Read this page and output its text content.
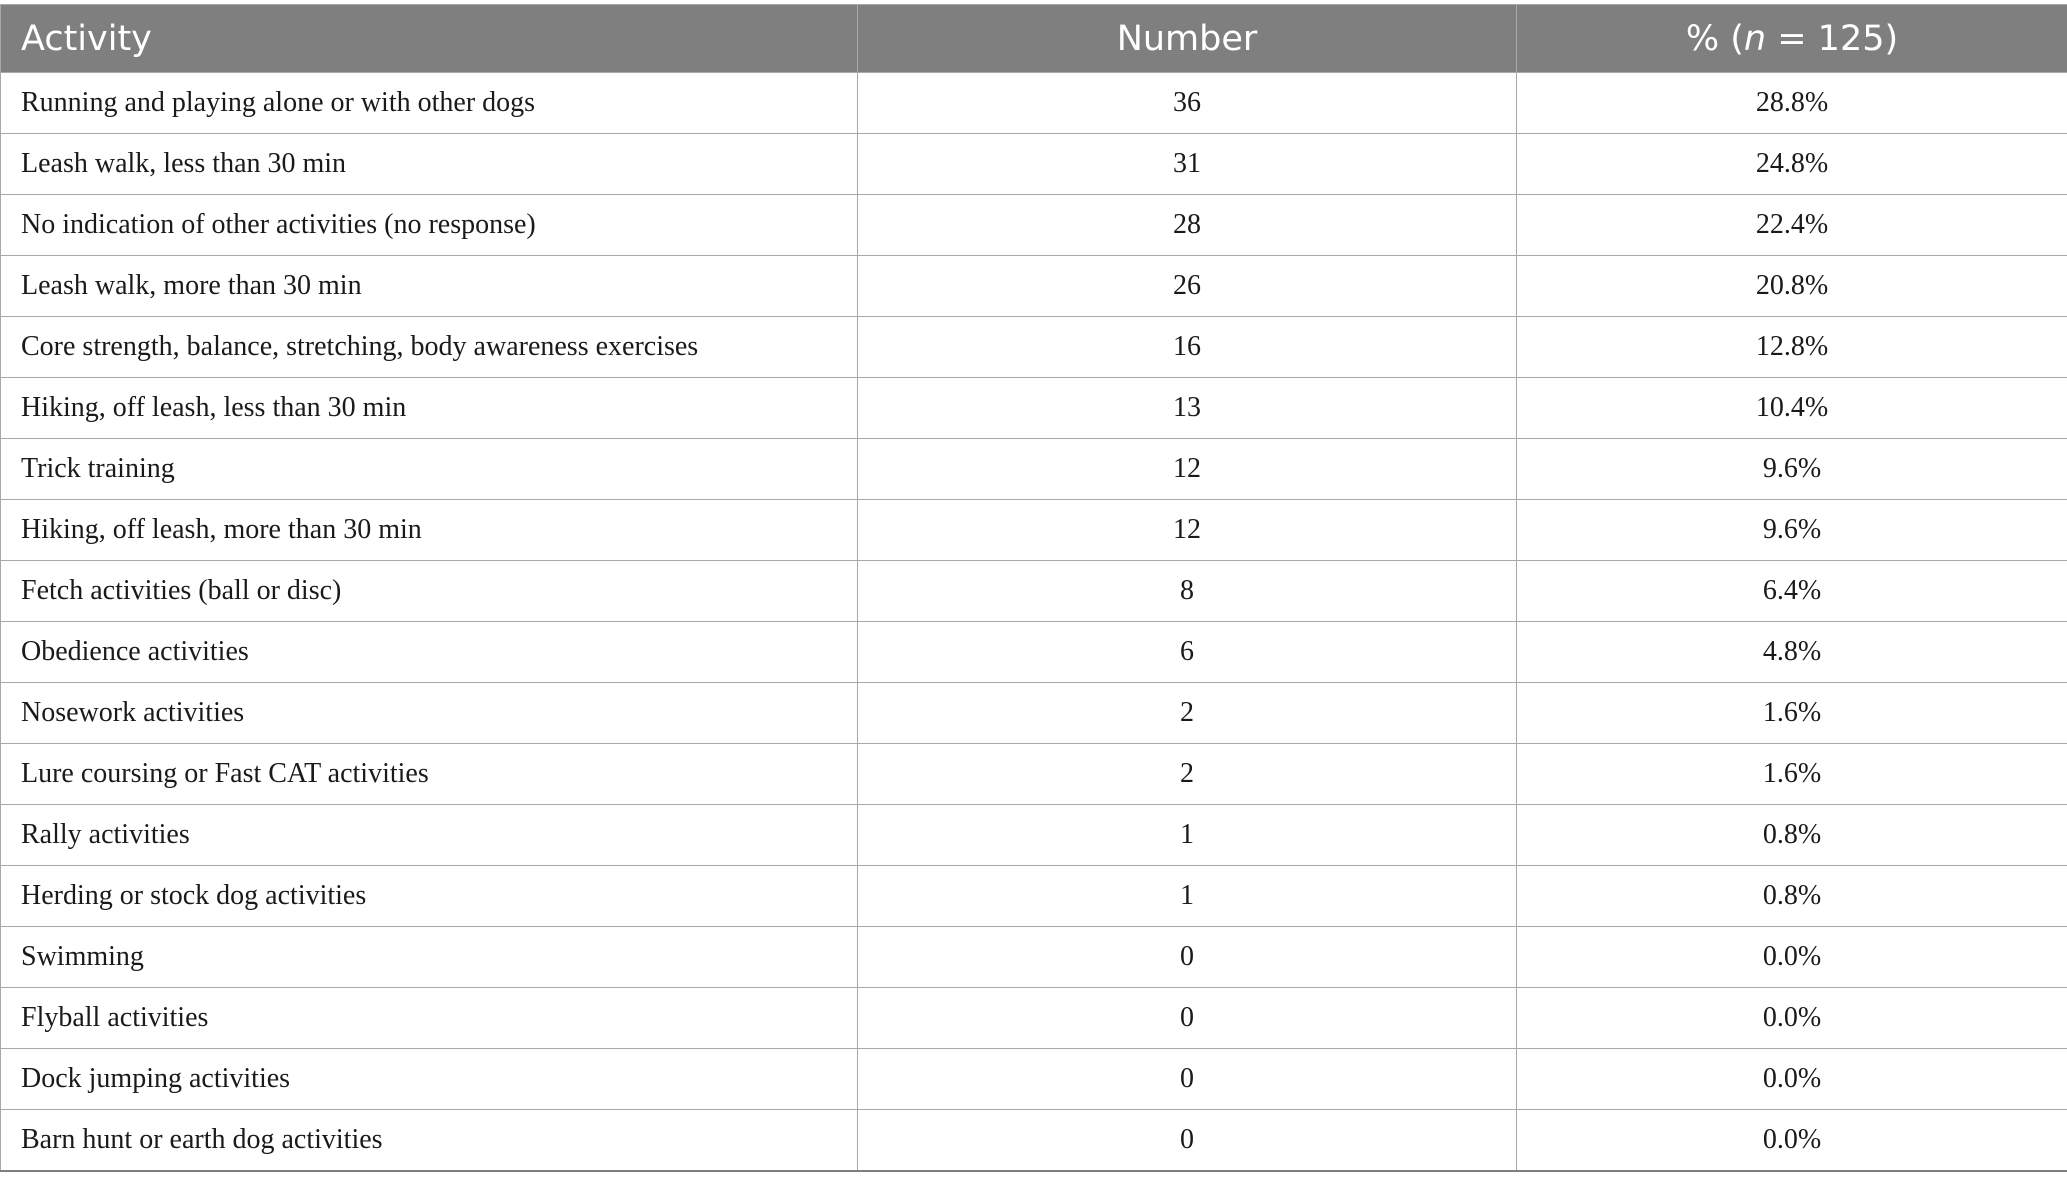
Activity	Number	% (n = 125)
Running and playing alone or with other dogs	36	28.8%
Leash walk, less than 30 min	31	24.8%
No indication of other activities (no response)	28	22.4%
Leash walk, more than 30 min	26	20.8%
Core strength, balance, stretching, body awareness exercises	16	12.8%
Hiking, off leash, less than 30 min	13	10.4%
Trick training	12	9.6%
Hiking, off leash, more than 30 min	12	9.6%
Fetch activities (ball or disc)	8	6.4%
Obedience activities	6	4.8%
Nosework activities	2	1.6%
Lure coursing or Fast CAT activities	2	1.6%
Rally activities	1	0.8%
Herding or stock dog activities	1	0.8%
Swimming	0	0.0%
Flyball activities	0	0.0%
Dock jumping activities	0	0.0%
Barn hunt or earth dog activities	0	0.0%
